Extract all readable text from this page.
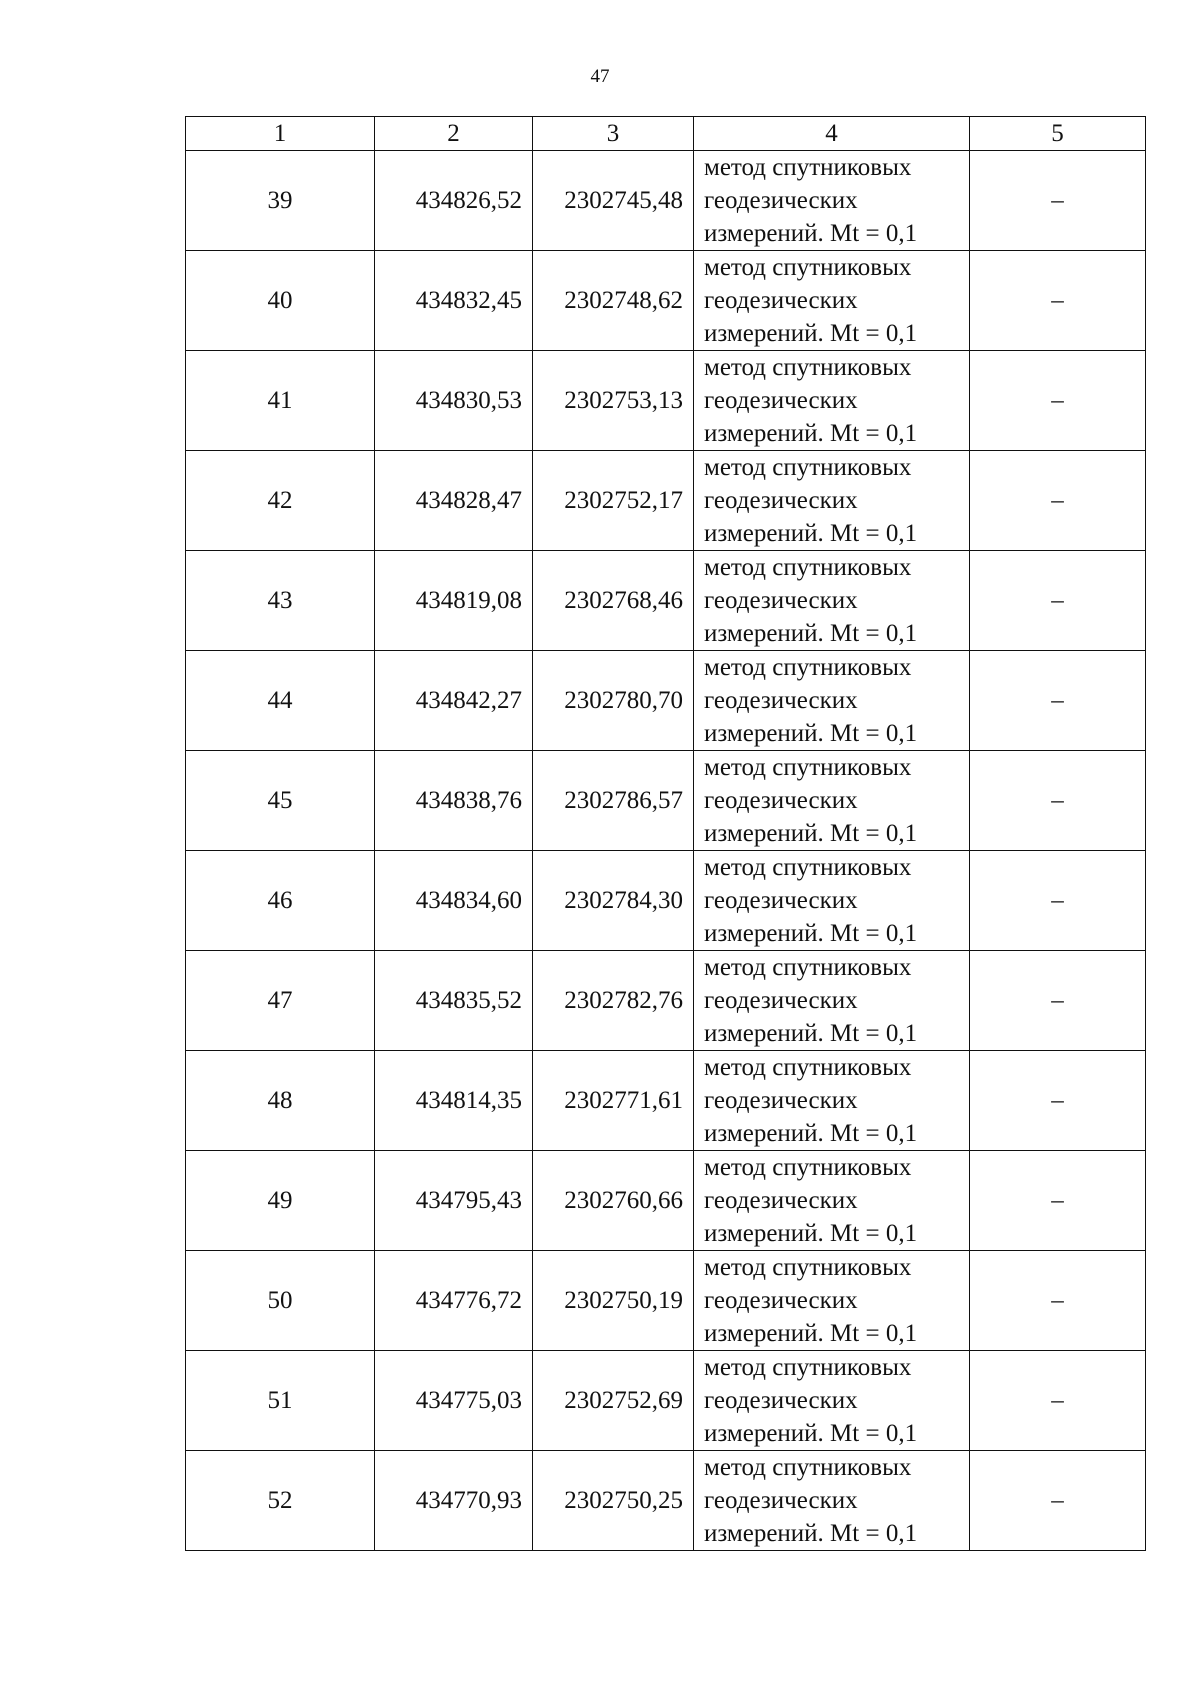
47
1	2	3	4	5
39	434826,52	2302745,48	метод спутниковых
геодезических
измерений. Mt = 0,1	–
40	434832,45	2302748,62	метод спутниковых
геодезических
измерений. Mt = 0,1	–
41	434830,53	2302753,13	метод спутниковых
геодезических
измерений. Mt = 0,1	–
42	434828,47	2302752,17	метод спутниковых
геодезических
измерений. Mt = 0,1	–
43	434819,08	2302768,46	метод спутниковых
геодезических
измерений. Mt = 0,1	–
44	434842,27	2302780,70	метод спутниковых
геодезических
измерений. Mt = 0,1	–
45	434838,76	2302786,57	метод спутниковых
геодезических
измерений. Mt = 0,1	–
46	434834,60	2302784,30	метод спутниковых
геодезических
измерений. Mt = 0,1	–
47	434835,52	2302782,76	метод спутниковых
геодезических
измерений. Mt = 0,1	–
48	434814,35	2302771,61	метод спутниковых
геодезических
измерений. Mt = 0,1	–
49	434795,43	2302760,66	метод спутниковых
геодезических
измерений. Mt = 0,1	–
50	434776,72	2302750,19	метод спутниковых
геодезических
измерений. Mt = 0,1	–
51	434775,03	2302752,69	метод спутниковых
геодезических
измерений. Mt = 0,1	–
52	434770,93	2302750,25	метод спутниковых
геодезических
измерений. Mt = 0,1	–
